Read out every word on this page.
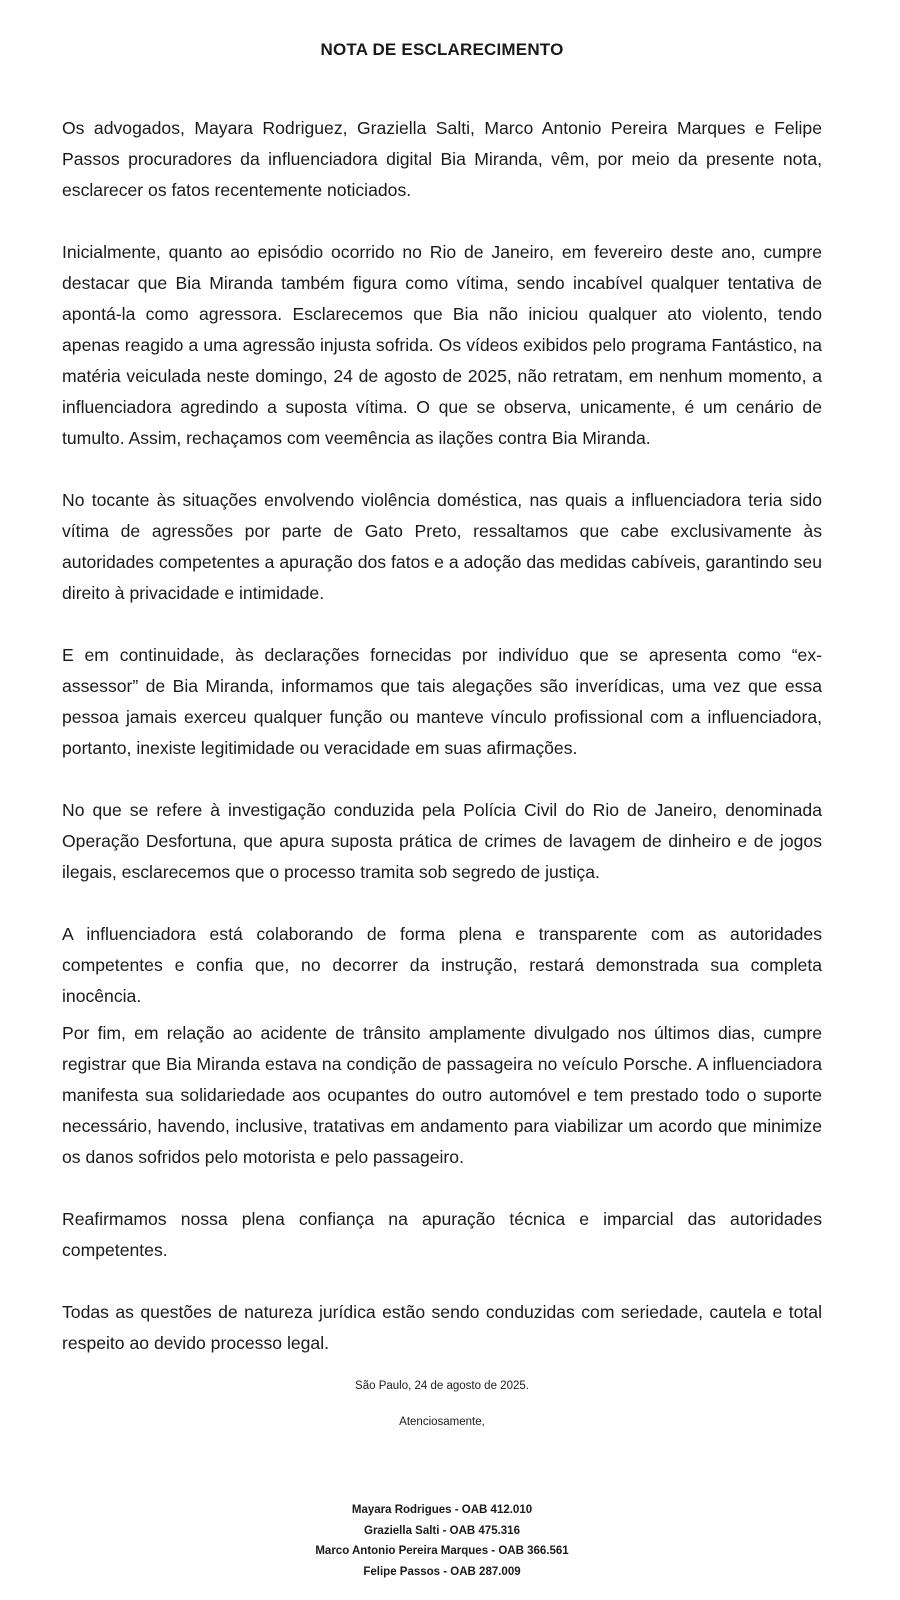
NOTA DE ESCLARECIMENTO

Os advogados, Mayara Rodriguez, Graziella Salti, Marco Antonio Pereira Marques e Felipe Passos procuradores da influenciadora digital Bia Miranda, vêm, por meio da presente nota, esclarecer os fatos recentemente noticiados.

Inicialmente, quanto ao episódio ocorrido no Rio de Janeiro, em fevereiro deste ano, cumpre destacar que Bia Miranda também figura como vítima, sendo incabível qualquer tentativa de apontá-la como agressora. Esclarecemos que Bia não iniciou qualquer ato violento, tendo apenas reagido a uma agressão injusta sofrida. Os vídeos exibidos pelo programa Fantástico, na matéria veiculada neste domingo, 24 de agosto de 2025, não retratam, em nenhum momento, a influenciadora agredindo a suposta vítima. O que se observa, unicamente, é um cenário de tumulto. Assim, rechaçamos com veemência as ilações contra Bia Miranda.

No tocante às situações envolvendo violência doméstica, nas quais a influenciadora teria sido vítima de agressões por parte de Gato Preto, ressaltamos que cabe exclusivamente às autoridades competentes a apuração dos fatos e a adoção das medidas cabíveis, garantindo seu direito à privacidade e intimidade.

E em continuidade, às declarações fornecidas por indivíduo que se apresenta como “ex-assessor” de Bia Miranda, informamos que tais alegações são inverídicas, uma vez que essa pessoa jamais exerceu qualquer função ou manteve vínculo profissional com a influenciadora, portanto, inexiste legitimidade ou veracidade em suas afirmações.

No que se refere à investigação conduzida pela Polícia Civil do Rio de Janeiro, denominada Operação Desfortuna, que apura suposta prática de crimes de lavagem de dinheiro e de jogos ilegais, esclarecemos que o processo tramita sob segredo de justiça.

A influenciadora está colaborando de forma plena e transparente com as autoridades competentes e confia que, no decorrer da instrução, restará demonstrada sua completa inocência.

Por fim, em relação ao acidente de trânsito amplamente divulgado nos últimos dias, cumpre registrar que Bia Miranda estava na condição de passageira no veículo Porsche. A influenciadora manifesta sua solidariedade aos ocupantes do outro automóvel e tem prestado todo o suporte necessário, havendo, inclusive, tratativas em andamento para viabilizar um acordo que minimize os danos sofridos pelo motorista e pelo passageiro.

Reafirmamos nossa plena confiança na apuração técnica e imparcial das autoridades competentes.

Todas as questões de natureza jurídica estão sendo conduzidas com seriedade, cautela e total respeito ao devido processo legal.

São Paulo, 24 de agosto de 2025.

Atenciosamente,

Mayara Rodrigues - OAB 412.010

Graziella Salti - OAB 475.316

Marco Antonio Pereira Marques - OAB 366.561

Felipe Passos - OAB 287.009
